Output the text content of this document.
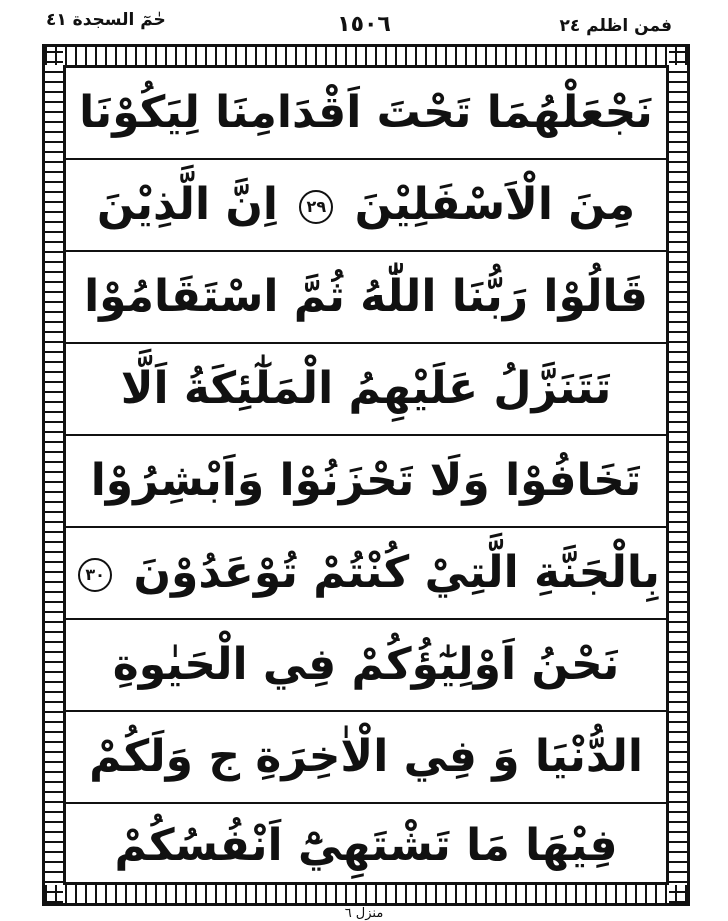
فمن اظلم ٢٤
١٥٠٦
حٰمٓ السجدة ٤١
نَجْعَلْهُمَا تَحْتَ اَقْدَامِنَا لِيَكُوْنَا
مِنَ الْاَسْفَلِيْنَ ٢٩ اِنَّ الَّذِيْنَ
قَالُوْا رَبُّنَا اللّٰهُ ثُمَّ اسْتَقَامُوْا
تَتَنَزَّلُ عَلَيْهِمُ الْمَلٰٓئِكَةُ اَلَّا
تَخَافُوْا وَلَا تَحْزَنُوْا وَاَبْشِرُوْا
بِالْجَنَّةِ الَّتِيْ كُنْتُمْ تُوْعَدُوْنَ ٣٠
نَحْنُ اَوْلِيٰٓؤُكُمْ فِي الْحَيٰوةِ
الدُّنْيَا وَ فِي الْاٰخِرَةِ ج وَلَكُمْ
فِيْهَا مَا تَشْتَهِيْٓ اَنْفُسُكُمْ
منزل ٦
